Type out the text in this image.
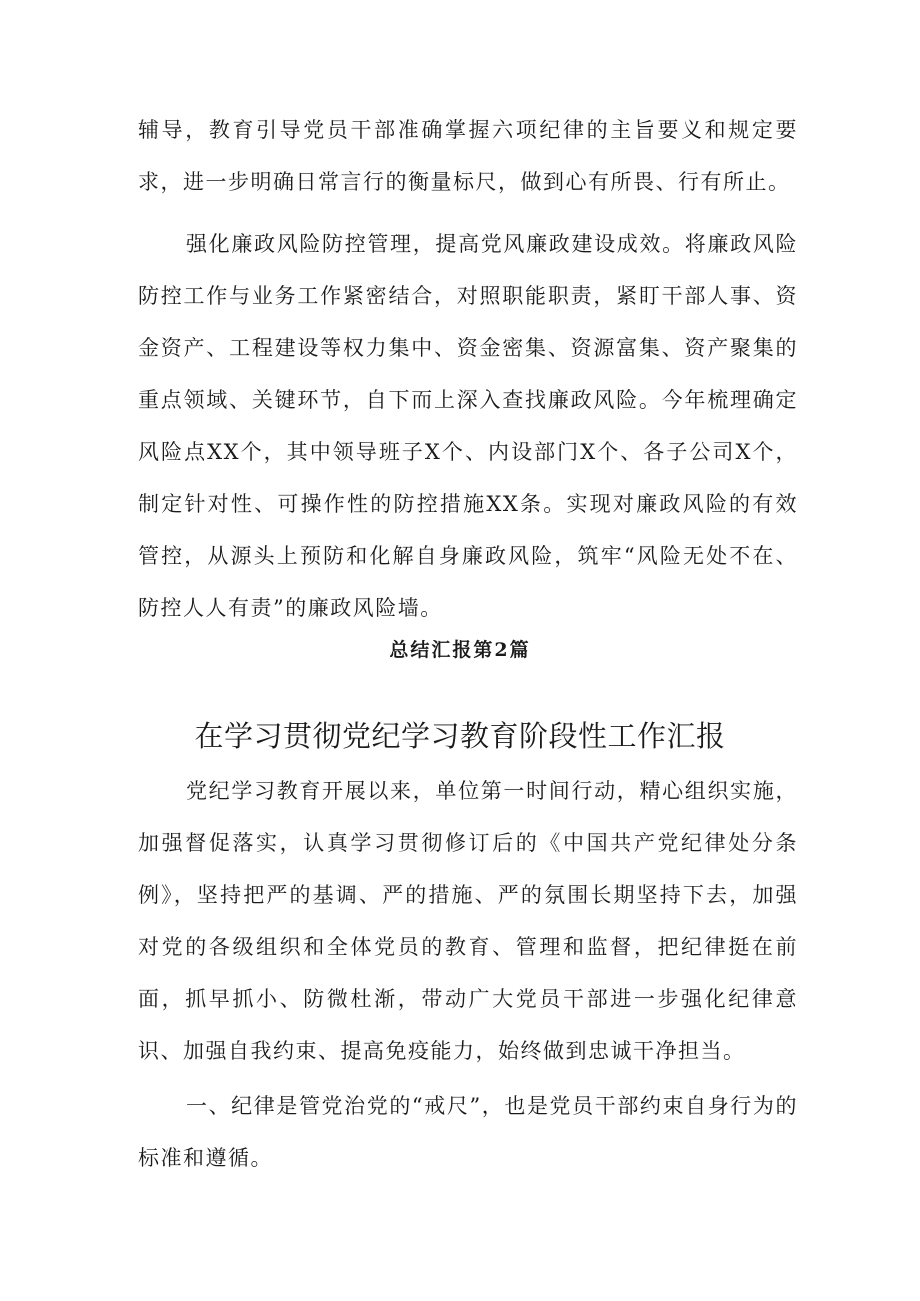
辅导，教育引导党员干部准确掌握六项纪律的主旨要义和规定要求，进一步明确日常言行的衡量标尺，做到心有所畏、行有所止。

强化廉政风险防控管理，提高党风廉政建设成效。将廉政风险防控工作与业务工作紧密结合，对照职能职责，紧盯干部人事、资金资产、工程建设等权力集中、资金密集、资源富集、资产聚集的重点领域、关键环节，自下而上深入查找廉政风险。今年梳理确定风险点XX个，其中领导班子X个、内设部门X个、各子公司X个，制定针对性、可操作性的防控措施XX条。实现对廉政风险的有效管控，从源头上预防和化解自身廉政风险，筑牢“风险无处不在、防控人人有责”的廉政风险墙。

总结汇报第2篇
在学习贯彻党纪学习教育阶段性工作汇报

党纪学习教育开展以来，单位第一时间行动，精心组织实施，加强督促落实，认真学习贯彻修订后的《中国共产党纪律处分条例》，坚持把严的基调、严的措施、严的氛围长期坚持下去，加强对党的各级组织和全体党员的教育、管理和监督，把纪律挺在前面，抓早抓小、防微杜渐，带动广大党员干部进一步强化纪律意识、加强自我约束、提高免疫能力，始终做到忠诚干净担当。

一、纪律是管党治党的“戒尺”，也是党员干部约束自身行为的标准和遵循。
